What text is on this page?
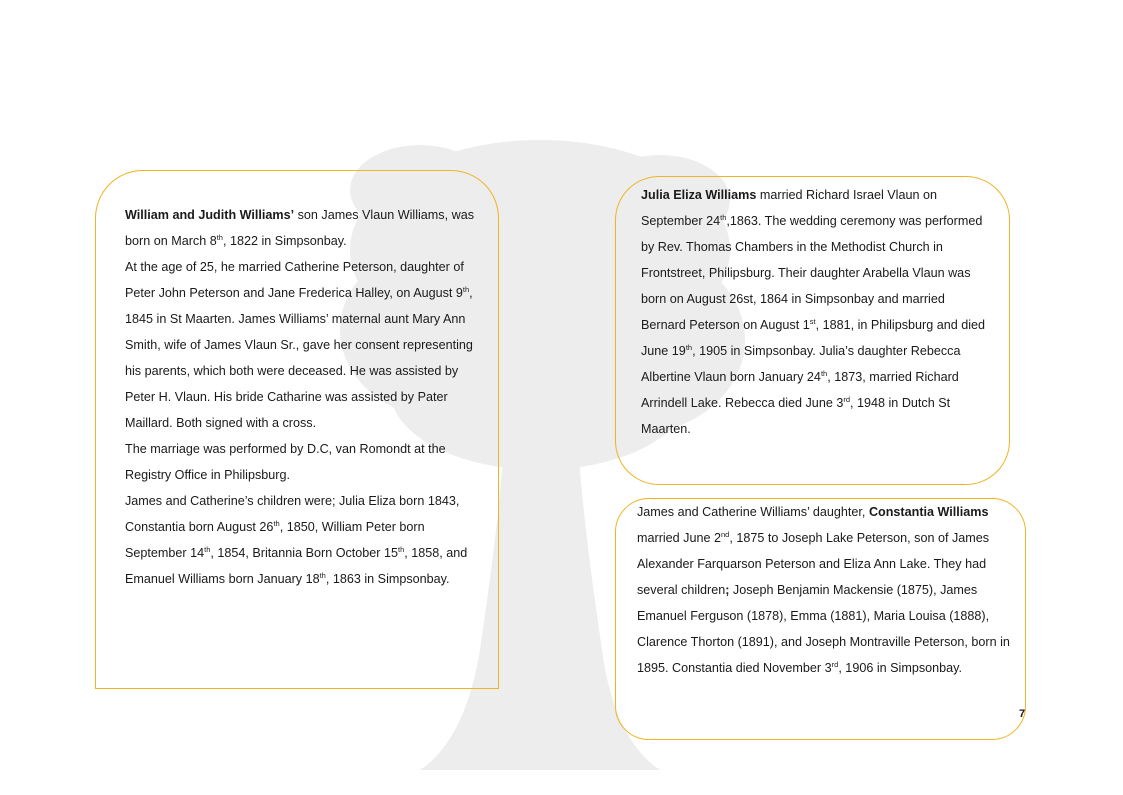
William and Judith Williams’ son James Vlaun Williams, was born on March 8th, 1822 in Simpsonbay.

At the age of 25, he married Catherine Peterson, daughter of Peter John Peterson and Jane Frederica Halley, on August 9th, 1845 in St Maarten. James Williams’ maternal aunt Mary Ann Smith, wife of James Vlaun Sr., gave her consent representing his parents, which both were deceased. He was assisted by Peter H. Vlaun. His bride Catharine was assisted by Pater Maillard. Both signed with a cross.

The marriage was performed by D.C, van Romondt at the Registry Office in Philipsburg.

James and Catherine’s children were; Julia Eliza born 1843, Constantia born August 26th, 1850, William Peter born September 14th, 1854, Britannia Born October 15th, 1858, and Emanuel Williams born January 18th, 1863 in Simpsonbay.

Julia Eliza Williams married Richard Israel Vlaun on September 24th,1863. The wedding ceremony was performed by Rev. Thomas Chambers in the Methodist Church in Frontstreet, Philipsburg. Their daughter Arabella Vlaun was born on August 26st, 1864 in Simpsonbay and married Bernard Peterson on August 1st, 1881, in Philipsburg and died June 19th, 1905 in Simpsonbay. Julia’s daughter Rebecca Albertine Vlaun born January 24th, 1873, married Richard Arrindell Lake. Rebecca died June 3rd, 1948 in Dutch St Maarten.

James and Catherine Williams’ daughter, Constantia Williams married June 2nd, 1875 to Joseph Lake Peterson, son of James Alexander Farquarson Peterson and Eliza Ann Lake. They had several children; Joseph Benjamin Mackensie (1875), James Emanuel Ferguson (1878), Emma (1881), Maria Louisa (1888), Clarence Thorton (1891), and Joseph Montraville Peterson, born in 1895. Constantia died November 3rd, 1906 in Simpsonbay.

7
